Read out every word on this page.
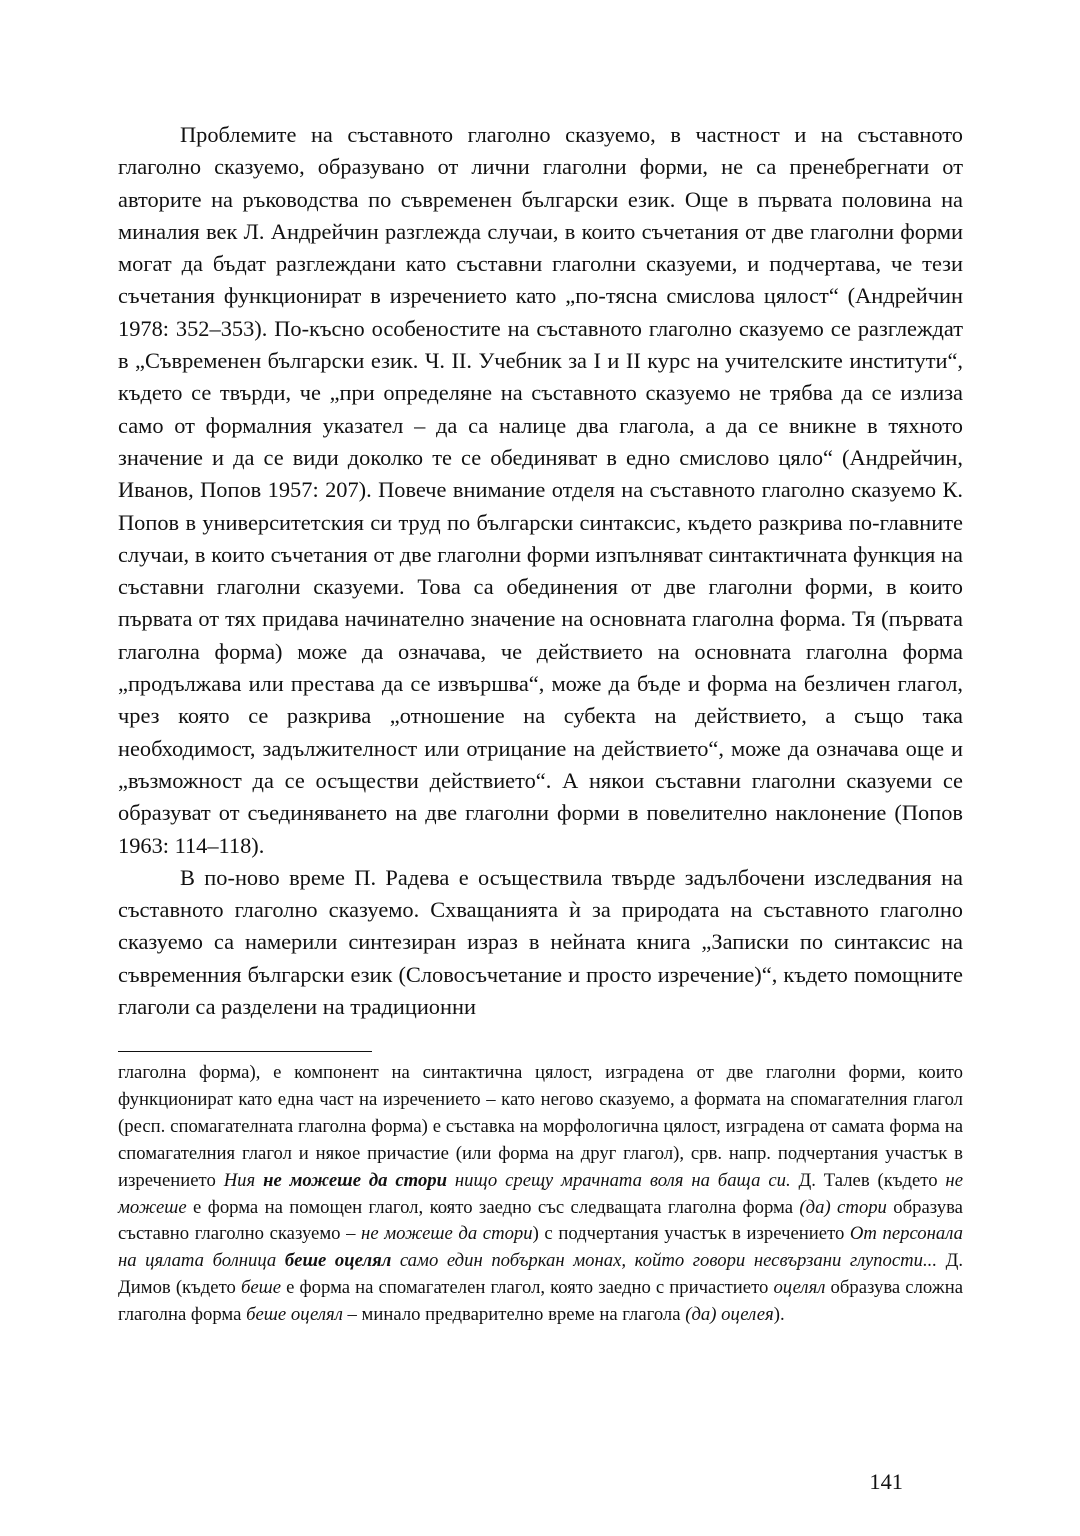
Проблемите на съставното глаголно сказуемо, в частност и на съставното глаголно сказуемо, образувано от лични глаголни форми, не са пренебрегнати от авторите на ръководства по съвременен български език. Още в първата половина на миналия век Л. Андрейчин разглежда случаи, в които съчетания от две глаголни форми могат да бъдат разглеждани като съставни глаголни сказуеми, и подчертава, че тези съчетания функционират в изречението като „по-тясна смислова цялост“ (Андрейчин 1978: 352–353). По-късно особеностите на съставното глаголно сказуемо се разглеждат в „Съвременен български език. Ч. II. Учебник за I и II курс на учителските институти“, където се твърди, че „при определяне на съставното сказуемо не трябва да се излиза само от формалния указател – да са налице два глагола, а да се вникне в тяхното значение и да се види доколко те се обединяват в едно смислово цяло“ (Андрейчин, Иванов, Попов 1957: 207). Повече внимание отделя на съставното глаголно сказуемо К. Попов в университетския си труд по български синтаксис, където разкрива по-главните случаи, в които съчетания от две глаголни форми изпълняват синтактичната функция на съставни глаголни сказуеми. Това са обединения от две глаголни форми, в които първата от тях придава начинателно значение на основната глаголна форма. Тя (първата глаголна форма) може да означава, че действието на основната глаголна форма „продължава или престава да се извършва“, може да бъде и форма на безличен глагол, чрез която се разкрива „отношение на субекта на действието, а също така необходимост, задължителност или отрицание на действието“, може да означава още и „възможност да се осъществи действието“. А някои съставни глаголни сказуеми се образуват от съединяването на две глаголни форми в повелително наклонение (Попов 1963: 114–118).

В по-ново време П. Радева е осъществила твърде задълбочени изследвания на съставното глаголно сказуемо. Схващанията ѝ за природата на съставното глаголно сказуемо са намерили синтезиран израз в нейната книга „Записки по синтаксис на съвременния български език (Словосъчетание и просто изречение)“, където помощните глаголи са разделени на традиционни

глаголна форма), е компонент на синтактична цялост, изградена от две глаголни форми, които функционират като една част на изречението – като негово сказуемо, а формата на спомагателния глагол (респ. спомагателната глаголна форма) е съставка на морфологична цялост, изградена от самата форма на спомагателния глагол и някое причастие (или форма на друг глагол), срв. напр. подчертания участък в изречението Ния не можеше да стори нищо срещу мрачната воля на баща си. Д. Талев (където не можеше е форма на помощен глагол, която заедно със следващата глаголна форма (да) стори образува съставно глаголно сказуемо – не можеше да стори) с подчертания участък в изречението От персонала на цялата болница беше оцелял само един побъркан монах, който говори несвързани глупости... Д. Димов (където беше е форма на спомагателен глагол, която заедно с причастието оцелял образува сложна глаголна форма беше оцелял – минало предварително време на глагола (да) оцелея).

141
